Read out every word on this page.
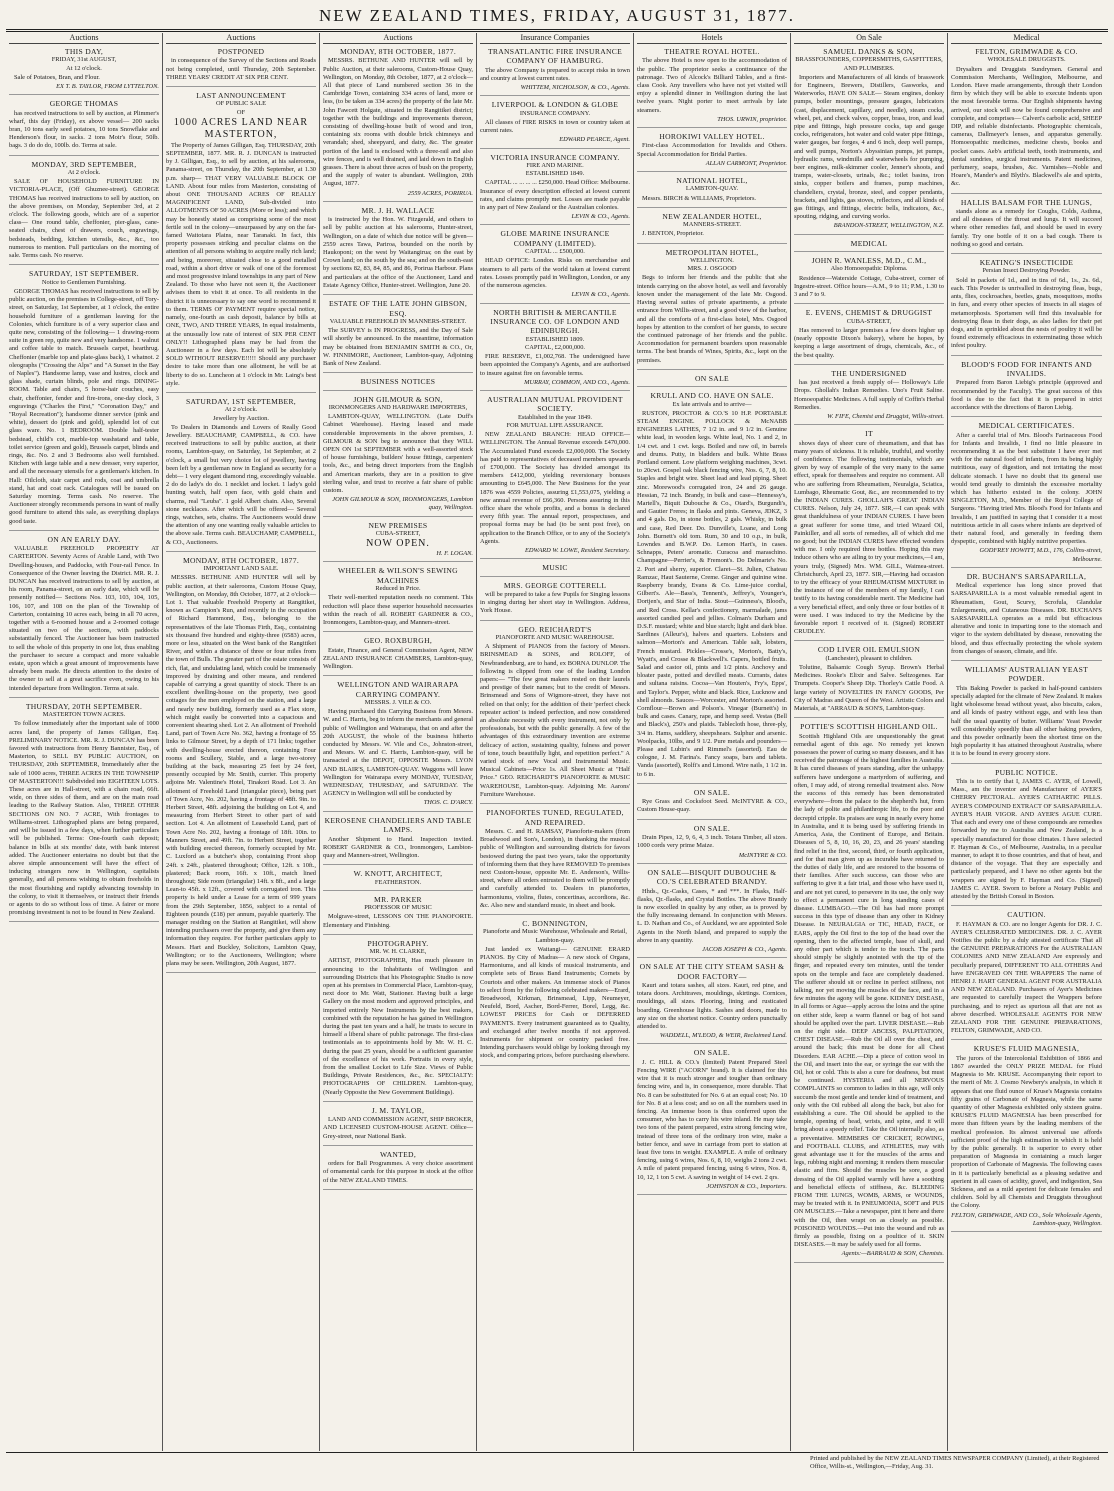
NEW ZEALAND TIMES, FRIDAY, AUGUST 31, 1877.
Auctions
THIS DAY,
FRIDAY, 31st AUGUST,
At 12 o'clock.

Sale of Potatoes, Bran, and Flour.

EX T. B. TAYLOR, FROM LYTTELTON.
GEORGE THOMAS

has received instructions to sell by auction, at Plimmer's wharf, this day (Friday), ex above vessel— 200 sacks bran, 10 tons early seed potatoes, 10 tons Snowflake and Henderson's flour, in sacks. 2 tons Moir's flour, 50lb. bags. 3 do do do, 100lb. do. Terms at sale.

MONDAY, 3RD SEPTEMBER,
At 2 o'clock.

SALE OF HOUSEHOLD FURNITURE IN VICTORIA-PLACE, (Off Ghuznee-street). GEORGE THOMAS has received instructions to sell by auction, on the above premises, on Monday, September 3rd, at 2 o'clock. The following goods, which are of a superior class— One round table, cheffonier, pier-glass, cane-seated chairs, chest of drawers, couch, engravings, bedsteads, bedding, kitchen utensils, &c., &c., too numerous to mention. Full particulars on the morning of sale. Terms cash. No reserve.

SATURDAY, 1ST SEPTEMBER.
Notice to Gentlemen Furnishing.

GEORGE THOMAS has received instructions to sell by public auction, on the premises in College-street, off Tory-street, on Saturday, 1st September, at 1 o'clock, the entire household furniture of a gentleman leaving for the Colonies, which furniture is of a very superior class and quite new, consisting of the following— 1 drawing-room suite in green rep, quite new and very handsome. 1 walnut and coffee table to match. Brussels carpet, hearthrug. Cheffonier (marble top and plate-glass back), 1 whatnot. 2 oleographs ("Crossing the Alps" and "A Sunset in the Bay of Naples"). Handsome lamp, vase and lustres, clock and glass shade, curtain blinds, pole and rings. DINING-ROOM. Table and chairs, 5 horse-hair couches, easy chair, cheffonier, fender and fire-irons, one-day clock, 3 engravings ("Charles the First," "Coronation Day," and "Royal Recreation"); handsome dinner service (pink and white), dessert do (pink and gold), splendid lot of cut glass ware. No. 1 BEDROOM. Double half-tester bedstead, child's cot, marble-top washstand and table, toilet service (green and gold), Brussels carpet, blinds and rings, &c. No. 2 and 3 Bedrooms also well furnished. Kitchen with large table and a new dresser, very superior, and all the necessary utensils for a gentleman's kitchen. In Hall: Oilcloth, stair carpet and rods, coat and umbrella stand, hat and coat rack. Catalogues will be issued on Saturday morning. Terms cash. No reserve. The Auctioneer strongly recommends persons in want of really good furniture to attend this sale, as everything displays good taste.

ON AN EARLY DAY.

VALUABLE FREEHOLD PROPERTY AT CARTERTON. Seventy Acres of Arable Land, with Two Dwelling-houses, and Paddocks, with Four-rail Fence. In Consequence of the Owner leaving the District. MR. R. J. DUNCAN has received instructions to sell by auction, at his room, Panama-street, on an early date, which will be presently notified— Sections Nos. 103, 103, 104, 105, 106, 107, and 108 on the plan of the Township of Carterton, containing 10 acres each, being in all 70 acres, together with a 6-roomed house and a 2-roomed cottage situated on two of the sections, with paddocks substantially fenced. The Auctioneer has been instructed to sell the whole of this property in one lot, thus enabling the purchaser to secure a compact and more valuable estate, upon which a great amount of improvements have already been made. He directs attention to the desire of the owner to sell at a great sacrifice even, owing to his intended departure from Wellington. Terms at sale.

THURSDAY, 20TH SEPTEMBER.
MASTERTON TOWN ACRES.

To follow immediately after the important sale of 1000 acres land, the property of James Gilligan, Esq. PRELIMINARY NOTICE. MR. R. J. DUNCAN has been favored with instructions from Henry Bannister, Esq., of Masterton, to SELL BY PUBLIC AUCTION, on THURSDAY, 20th SEPTEMBER, Immediately after the sale of 1000 acres, THREE ACRES IN THE TOWNSHIP OF MASTERTON!!! Subdivided into EIGHTEEN LOTS. These acres are in Hall-street, with a chain road, 66ft. wide, on three sides of them, and are on the main road leading to the Railway Station. Also, THREE OTHER SECTIONS ON NO. 7 ACRE, With frontages to Williams-street. Lithographed plans are being prepared, and will be issued in a few days, when further particulars will be published. Terms: One-fourth cash deposit; balance in bills at six months' date, with bank interest added. The Auctioneer entertains no doubt but that the above simple announcement will have the effect of inducing strangers now in Wellington, capitalists generally, and all persons wishing to obtain freeholds in the most flourishing and rapidly advancing township in the colony, to visit it themselves, or instruct their friends or agents to do so without loss of time. A fairer or more promising investment is not to be found in New Zealand.

Auctions
POSTPONED

in consequence of the Survey of the Sections and Roads not being completed, until Thursday, 20th September. THREE YEARS' CREDIT AT SIX PER CENT.

LAST ANNOUNCEMENT
OF PUBLIC SALE
OF
1000 ACRES LAND NEAR MASTERTON,

The Property of James Gilligan, Esq. THURSDAY, 20th SEPTEMBER, 1877. MR. R. J. DUNCAN is instructed by J. Gilligan, Esq., to sell by auction, at his salerooms, Panama-street, on Thursday, the 20th September, at 1.30 p.m. sharp— THAT VERY VALUABLE BLOCK OF LAND. About four miles from Masterton, consisting of about ONE THOUSAND ACRES OF REALLY MAGNIFICENT LAND, Sub-divided into ALLOTMENTS OF 50 ACRES (More or less); and which may be honestly stated as comprising some of the most fertile soil in the colony—unsurpassed by any on the far-famed Waitotara Plains, near Taranaki. In fact, this property possesses striking and peculiar claims on the attention of all persons wishing to acquire really rich land; and being, moreover, situated close to a good metalled road, within a short drive or walk of one of the foremost and most progressive inland townships in any part of New Zealand. To those who have not seen it, the Auctioneer advises them to visit it at once. To all residents in the district it is unnecessary to say one word to recommend it to them. TERMS OF PAYMENT require special notice, namely, one-fourth as cash deposit, balance by bills at ONE, TWO, AND THREE YEARS, In equal instalments, at the unusually low rate of interest of SIX PER CENT ONLY!! Lithographed plans may be had from the Auctioneer in a few days. Each lot will be absolutely SOLD WITHOUT RESERVE!!!!! Should any purchaser desire to take more than one allotment, he will be at liberty to do so. Luncheon at 1 o'clock in Mr. Laing's best style.

SATURDAY, 1ST SEPTEMBER,
At 2 o'clock.
Jewellery by Auction.

To Dealers in Diamonds and Lovers of Really Good Jewellery. BEAUCHAMP, CAMPBELL, & CO. have received instructions to sell by public auction, at their rooms, Lambton-quay, on Saturday, 1st September, at 2 o'clock, a small but very choice lot of jewellery, having been left by a gentleman now in England as security for a debt— 1 very elegant diamond ring, exceedingly valuable. 2 do do lady's do do. 1 necklet and locket. 1 lady's gold hunting watch, half open face, with gold chain and charms, real "Leuba". 1 gold Albert chain. Also, Several stone necklaces. After which will be offered— Several rings, watches, sets, chains. The Auctioneers would draw the attention of any one wanting really valuable articles to the above sale. Terms cash. BEAUCHAMP, CAMPBELL, & CO., Auctioneers.

MONDAY, 8TH OCTOBER, 1877.
IMPORTANT LAND SALE.

MESSRS. BETHUNE AND HUNTER will sell by public auction, at their salerooms, Custom House Quay, Wellington, on Monday, 8th October, 1877, at 2 o'clock— Lot 1. That valuable Freehold Property at Rangitikei, known as Campion's Run, and recently in the occupation of Richard Hammond, Esq., belonging to the representatives of the late Thomas Firth, Esq., containing six thousand five hundred and eighty-three (6583) acres, more or less, situated on the West bank of the Rangitikei River, and within a distance of three or four miles from the town of Bulls. The greater part of the estate consists of rich, flat, and undulating land, which could be immensely improved by draining and other means, and rendered capable of carrying a great quantity of stock. There is an excellent dwelling-house on the property, two good cottages for the men employed on the station, and a large and nearly new building, formerly used as a Flax store, which might easily be converted into a capacious and convenient shearing shed. Lot 2. An allotment of Freehold Land, part of Town Acre No. 362, having a frontage of 55 links to Gilmour Street, by a depth of 171 links; together with dwelling-house erected thereon, containing Four rooms and Scullery, Stable, and a large two-storey building at the back, measuring 25 feet by 24 feet, presently occupied by Mr. Smith, currier. This property adjoins Mr. Valentine's Hotel, Tinakori Road. Lot 3. An allotment of Freehold Land (triangular piece), being part of Town Acre, No. 202, having a frontage of 48ft. 9in. to Herbert Street, 48ft. adjoining the building on Lot 4, and measuring from Herbert Street to other part of said section. Lot 4. An allotment of Leasehold Land, part of Town Acre No. 202, having a frontage of 18ft. 10in. to Manners Street, and 49ft. 7in. to Herbert Street, together with building erected thereon, formerly occupied by Mr. C. Luxford as a butcher's shop, containing Front shop 24ft. x 24ft., plastered throughout; Office, 12ft. x 10ft., plastered; Back room, 16ft. x 10ft., match lined throughout; Side room (triangular) 14ft. x 8ft., and a large Lean-to 45ft. x 12ft., covered with corrugated iron. This property is held under a Lease for a term of 999 years from the 29th September, 1856, subject to a rental of Eighteen pounds (£18) per annum, payable quarterly. The manager residing on the Station at Rangitikei, will show intending purchasers over the property, and give them any information they require. For further particulars apply to Messrs. Hart and Buckley, Solicitors, Lambton Quay, Wellington; or to the Auctioneers, Wellington; where plans may be seen. Wellington, 20th August, 1877.

Auctions
MONDAY, 8TH OCTOBER, 1877.

MESSRS. BETHUNE AND HUNTER will sell by Public Auction, at their salerooms, Custom-House Quay, Wellington, on Monday, 8th October, 1877, at 2 o'clock— All that piece of Land numbered section 36 in the Cambridge Town, containing 334 acres of land, more or less, (to be taken as 334 acres) the property of the late Mr. John Fawcett Holgate, situated in the Rangitikei district; together with the buildings and improvements thereon, consisting of dwelling-house built of wood and iron, containing six rooms with double brick chimneys and verandah; shed, sheepyard, and dairy, &c. The greater portion of the land is enclosed with a three-rail and also wire fences, and is well drained, and laid down in English grasses. There is about three acres of bush on the property, and the supply of water is abundant. Wellington, 20th August, 1877.

2559 ACRES, PORIRUA.
MR. J. H. WALLACE

is instructed by the Hon. W. Fitzgerald, and others to sell by public auction at his salerooms, Hunter-street, Wellington, on a date of which due notice will be given— 2559 acres Tawa, Pariroa, bounded on the north by Haukoponi; on the west by Waitangirua; on the east by Crown land; on the south by the sea; and on the south-east by sections 82, 83, 84, 85, and 86, Porirua Harbour. Plans and particulars at the office of the Auctioneer, Land and Estate Agency Office, Hunter-street. Wellington, June 20.

ESTATE OF THE LATE JOHN GIBSON, ESQ.
VALUABLE FREEHOLD IN MANNERS-STREET.

The SURVEY is IN PROGRESS, and the Day of Sale will shortly be announced. In the meantime, information may be obtained from BENJAMIN SMITH & CO., Or, W. FINNIMORE, Auctioneer, Lambton-quay, Adjoining Bank of New Zealand.

BUSINESS NOTICES
JOHN GILMOUR & SON,
IRONMONGERS AND HARDWARE IMPORTERS,

LAMBTON-QUAY, WELLINGTON. (Late Duff's Cabinet Warehouse). Having leased and made considerable improvements in the above premises, J. GILMOUR & SON beg to announce that they WILL OPEN ON 1st SEPTEMBER with a well-assorted stock of house furnishings, builders' house fittings, carpenters' tools, &c., and being direct importers from the English and American markets, they are in a position to give sterling value, and trust to receive a fair share of public custom.

JOHN GILMOUR & SON, IRONMONGERS, Lambton quay, Wellington.
NEW PREMISES
CUBA-STREET,
NOW OPEN.
H. F. LOGAN.
WHEELER & WILSON'S SEWING MACHINES
Reduced in Price.

Their well-merited reputation needs no comment. This reduction will place these superior household necessaries within the reach of all. ROBERT GARDNER & CO., Ironmongers, Lambton-quay, and Manners-street.

GEO. ROXBURGH,

Estate, Finance, and General Commission Agent, NEW ZEALAND INSURANCE CHAMBERS, Lambton-quay, Wellington.

WELLINGTON AND WAIRARAPA CARRYING COMPANY.
MESSRS. J. VILE & CO.

Having purchased this Carrying Business from Messrs. W. and C. Harris, beg to inform the merchants and general public of Wellington and Wairarapa, that on and after the 20th AUGUST, the whole of the business hitherto conducted by Messrs. W. Vile and Co., Johnston-street, and Messrs. W. and C. Harris, Lambton-quay, will be transacted at the DEPOT, OPPOSITE Messrs. LYON AND BLAIR'S, LAMBTON-QUAY. Waggons will leave Wellington for Wairarapa every MONDAY, TUESDAY, WEDNESDAY, THURSDAY, and SATURDAY. The AGENCY in Wellington will still be conducted by

THOS. C. D'ARCY.
KEROSENE CHANDELIERS AND TABLE LAMPS.

Another Shipment to Hand. Inspection invited. ROBERT GARDNER & CO., Ironmongers, Lambton-quay and Manners-street, Wellington.

W. KNOTT, ARCHITECT,
FEATHERSTON.
MR. PARKER
PROFESSOR OF MUSIC

Molgrave-street, LESSONS ON THE PIANOFORTE. Elementary and Finishing.

PHOTOGRAPHY.
MR. W. H. CLARKE,

ARTIST, PHOTOGRAPHER, Has much pleasure in announcing to the Inhabitants of Wellington and surrounding Districts that his Photographic Studio is now open at his premises in Commercial Place, Lambton-quay, next door to Mr. Watt, Stationer. Having built a large Gallery on the most modern and approved principles, and imported entirely New Instruments by the best makers, combined with the reputation he has gained in Wellington during the past ten years and a half, he trusts to secure in himself a liberal share of public patronage. The first-class testimonials as to appointments hold by Mr. W. H. C. during the past 25 years, should be a sufficient guarantee of the excellence of his work. Portraits in every style, from the smallest Locket to Life Size. Views of Public Buildings, Private Residences, &c., &c. SPECIALTY: PHOTOGRAPHS OF CHILDREN. Lambton-quay, (Nearly Opposite the New Government Buildings).

J. M. TAYLOR,

LAND AND COMMISSION AGENT, SHIP BROKER, AND LICENSED CUSTOM-HOUSE AGENT. Office—Grey-street, near National Bank.

WANTED,

orders for Ball Programmes. A very choice assortment of ornamental cards for this purpose in stock at the office of the NEW ZEALAND TIMES.

Insurance Companies
TRANSATLANTIC FIRE INSURANCE COMPANY OF HAMBURG.

The above Company is prepared to accept risks in town and country at lowest current rates.

WHITTEM, NICHOLSON, & CO., Agents.
LIVERPOOL & LONDON & GLOBE
INSURANCE COMPANY.

All classes of FIRE RISKS in town or country taken at current rates.

EDWARD PEARCE, Agent.
VICTORIA INSURANCE COMPANY.
FIRE AND MARINE.
ESTABLISHED 1849.

CAPITAL ... ... ... ... £250,000. Head Office: Melbourne. Insurance of every description effected at lowest current rates, and claims promptly met. Losses are made payable in any part of New Zealand or the Australian colonies.

LEVIN & CO., Agents.
GLOBE MARINE INSURANCE COMPANY (LIMITED).
CAPITAL ... £500,000.

HEAD OFFICE: London. Risks on merchandise and steamers to all parts of the world taken at lowest current rates. Losses promptly paid in Wellington, London, or any of the numerous agencies.

LEVIN & CO., Agents.
NORTH BRITISH & MERCANTILE INSURANCE CO. OF LONDON AND EDINBURGH.
ESTABLISHED 1809.
CAPITAL, £2,000,000.

FIRE RESERVE, £1,002,768. The undersigned have been appointed the Company's Agents, and are authorised to insure against fire on favorable terms.

MURRAY, COMMON, AND CO., Agents.
AUSTRALIAN MUTUAL PROVIDENT SOCIETY.
Established in the year 1849.
FOR MUTUAL LIFE ASSURANCE.

NEW ZEALAND BRANCH: HEAD OFFICE—WELLINGTON. The Annual Revenue exceeds £470,000. The Accumulated Fund exceeds £2,000,000. The Society has paid to representatives of deceased members upwards of £700,000. The Society has divided amongst its members £412,000, yielding reversionary bonuses amounting to £645,000. The New Business for the year 1876 was 4559 Policies, assuring £1,553,075, yielding a new annual revenue of £66,360. Persons assuring in this office share the whole profits, and a bonus is declared every fifth year. The annual report, prospectuses, and proposal forms may be had (to be sent post free), on application to the Branch Office, or to any of the Society's Agents.

EDWARD W. LOWE, Resident Secretary.
MUSIC
MRS. GEORGE COTTERELL

will be prepared to take a few Pupils for Singing lessons in singing during her short stay in Wellington. Address, York House.

GEO. REICHARDT'S
PIANOFORTE AND MUSIC WAREHOUSE.

A Shipment of PIANOS from the factory of Messrs. BRINSMEAD & SONS, and ROLOFF, of Newbrandenburg, are to hand, ex BORNA DUNLOP. The following is clipped from one of the leading London papers:— "The few great makers rested on their laurels and prestige of their names; but to the credit of Messrs. Brinsmead and Sons of Wigmore-street, they have not relied on that only; for the addition of their 'perfect check repeater action' is indeed perfection, and now considered an absolute necessity with every instrument, not only by professionals, but with the public generally. A few of the advantages of this extraordinary invention are extreme delicacy of action, sustaining quality, fulness and power of tone, touch beautifully light, and repetition perfect." A varied stock of new Vocal and Instrumental Music. Musical Cabinets—Price 1s. All Sheet Music at "Half Price." GEO. REICHARDT'S PIANOFORTE & MUSIC WAREHOUSE, Lambton-quay. Adjoining Mr. Aarons' Furniture Warehouse.

PIANOFORTES TUNED, REGULATED, AND REPAIRED.

Messrs. C. and H. RAMSAY, Pianoforte-makers (from Broadwood and Son's, London), in thanking the musical public of Wellington and surrounding districts for favors bestowed during the past two years, take the opportunity of informing them that they have REMOVED To premises next Custom-house, opposite Mr. E. Anderson's, Willis-street, where all orders entrusted to them will be promptly and carefully attended to. Dealers in pianofortes, harmoniums, violins, flutes, concertinas, accordions, &c. &c. Also new and standard music, in sheet and book.

C. BONNINGTON,
Pianoforte and Music Warehouse, Wholesale and Retail, Lambton-quay.

Just landed ex Waitangi— GENUINE ERARD PIANOS. By City of Madras— A new stock of Organs, Harmoniums, and all kinds of musical instruments, and complete sets of Brass Band Instruments; Cornets by Courtois and other makers. An immense stock of Pianos to select from by the following celebrated makers—Erard, Broadwood, Kirkman, Brinsmead, Lipp, Neumeyer, Neufeld, Bord, Ascher, Bord-Ferrer, Borel, Legg, &c. LOWEST PRICES for Cash or DEFERRED PAYMENTS. Every instrument guaranteed as to Quality, and exchanged after twelve months if not approved. Instruments for shipment or country packed free. Intending purchasers would oblige by looking through my stock, and comparing prices, before purchasing elsewhere.

Hotels
THEATRE ROYAL HOTEL.

The above Hotel is now open to the accommodation of the public. The proprietor seeks a continuance of the patronage. Two of Alcock's Billiard Tables, and a first-class Cook. Any travellers who have not yet visited will enjoy a splendid dinner in Wellington during the last twelve years. Night porter to meet arrivals by late steamers.

THOS. URWIN, proprietor.
HOROKIWI VALLEY HOTEL.

First-class Accommodation for Invalids and Others. Special Accommodation for Bridal Parties.

ALLAN CARMONT, Proprietor.
NATIONAL HOTEL,
LAMBTON-QUAY.

Messrs. BIRCH & WILLIAMS, Proprietors.

NEW ZEALANDER HOTEL,
MANNERS-STREET.

J. BENTON, Proprietor.

METROPOLITAN HOTEL,
WELLINGTON.
MRS. J. OSGOOD

Begs to inform her friends and the public that she intends carrying on the above hotel, as well and favorably known under the management of the late Mr. Osgood. Having several suites of private apartments, a private entrance from Willis-street, and a good view of the harbor, and all the comforts of a first-class hotel, Mrs. Osgood hopes by attention to the comfort of her guests, to secure the continued patronage of her friends and the public. Accommodation for permanent boarders upon reasonable terms. The best brands of Wines, Spirits, &c., kept on the premises.

ON SALE
KRULL AND CO. HAVE ON SALE.
Ex late arrivals and to arrive—

RUSTON, PROCTOR & CO.'S 10 H.P. PORTABLE STEAM ENGINE. POLLOCK & McNABB ENGINEERS LATHES, 7 1/2 in. and 9 1/2 in. Genuine white lead, in wooden kegs. White lead, No. 1 and 2, in 1/4 cwt. and 1 cwt. kegs. Boiled and raw oil, in barrels and drums. Putty, in bladders and bulk. White Brass Portland cement. Low platform weighing machines, 3cwt. to 20cwt. Gospel oak black fencing wire, Nos. 6, 7, 8, 10. Staples and bright wire. Sheet lead and lead piping. Sheet zinc. Morewood's corrugated iron, 24 and 26 gauge. Hessian, 72 inch. Brandy, in bulk and case—Hennessy's, Martell's, Biquit Dubouche & Co., Otard's, Burgundi's, and Gautier Freres; in flasks and pints. Geneva, JDKZ, 3 and 4 gals. Do, in stone bottles, 2 gals. Whisky, in bulk and case, Red Deer. Do. Dunville's, Loane, and Long John. Burnett's old tom. Rum, 30 and 10 o.p., in bulk, Lowndes and B.W.P. Do. Lemon Hart's, in cases. Schnapps, Peters' aromatic. Curacoa and maraschino. Champagne—Perrier's, & Fremont's. Do Delmarte's No. 2. Port and sherry, superior. Claret—St. Julien, Chateau Ramzac, Haut Sauterne, Creme. Ginger and quinine wine. Raspberry brandy, Evans & Co. Lime-juice cordial, Gilbert's. Ale—Bass's, Tennent's, Jeffrey's, Younger's, Dortjen's, and Star of India. Stout—Guinness's, Blood's, and Red Cross. Kellar's confectionery, marmalade, jams assorted candied peel and jellies. Colman's Durham and D.S.F. mustard; white and blue starch; light and dark blue. Sardines (Alleur's), halves and quarters. Lobsters and salmon—Morton's and American. Table salt, lobsters, French mustard. Pickles—Crosse's, Morton's, Batty's, Wyatt's, and Crosse & Blackwell's. Capers, bottled fruits. Salad and castor oil, pints and 1/2 pints. Anchovy and bloater paste, potted and devilled meats. Currants, dates and sultana raisins. Cocoa—Van Houten's, Fry's, Epps', and Taylor's. Pepper, white and black. Rice, Lucknow and shell almonds. Sauces—Worcester, and Morton's assorted. Cornflour—Brown and Polson's. Vinegar (Burnett's) in bulk and cases. Canary, rape, and hemp seed. Vestas (Bell and Black's), 250's and plaids. Tablecloth hose, three-ply, 3/4 in. Hams, saddlery, sheepshears. Sulphur and arsenic. Woolpacks, 10lbs, and 9 1/2. Pure metals and pounders—Please and Lubin's and Rimmel's (assorted). Eau de cologne, J. M. Farina's. Fancy soaps, bars and tablets. Vanda (assorted), Rolfi's and Limond. Wire nails, 1 1/2 in. to 6 in.

ON SALE.

Rye Grass and Cocksfoot Seed. McINTYRE & CO., Custom House-quay.

ON SALE.

Drain Pipes, 12, 9, 6, 4, 3 inch. Totara Timber, all sizes. 1000 cords very prime Maize.

McINTYRE & CO.
ON SALE—BISQUIT DUBOUCHE & CO.'S CELEBRATED BRANDY.

Hhds., Qr.-Casks, Cases, * and ***. In Flasks, Half-flasks, Qr.-flasks, and Crystal Bottles. The above Brandy is now excelled in quality by any other, as is proved by the fully increasing demand. In conjunction with Messrs. L. D. Nathan and Co., of Auckland, we are appointed Sole Agents in the North Island, and prepared to supply the above in any quantity.

JACOB JOSEPH & CO., Agents.
ON SALE AT THE CITY STEAM SASH & DOOR FACTORY—

Kauri and totara sashes, all sizes. Kauri, red pine, and totara doors. Architraves, mouldings, skirtings. Cornices, mouldings, all sizes. Flooring, lining and rusticated boarding. Greenhouse lights. Sashes and doors, made to any size on the shortest notice. Country orders punctually attended to.

WADDELL, M'LEOD, & WEIR, Reclaimed Land.
ON SALE.

J. C. HILL & CO.'s (limited) Patent Prepared Steel Fencing WIRE ("ACORN" brand). It is claimed for this wire that it is much stronger and tougher than ordinary fencing wire, and is, in consequence, more durable. That No. 8 can be substituted for No. 6 at an equal cost; No. 10 for No. 8 at a less cost; and so on all the numbers used in fencing. An immense boon is thus conferred upon the consumer, who has to carry his wire inland. He may take two tons of the patent prepared, extra strong fencing wire, instead of three tons of the ordinary iron wire, make a better fence, and save in carriage from port to station at least five tons in weight. EXAMPLE. A mile of ordinary fencing, using 6 wires, Nos. 6, 8, 10, weighs 2 tons 2 cwt. A mile of patent prepared fencing, using 6 wires, Nos. 8, 10, 12, 1 ton 5 cwt. A saving in weight of 14 cwt. 2 qrs.

JOHNSTON & CO., Importers.
On Sale
SAMUEL DANKS & SON,
BRASSFOUNDERS, COPPERSMITHS, GASFITTERS, AND PLUMBERS.

Importers and Manufacturers of all kinds of brasswork for Engineers, Brewers, Distillers, Gasworks, and Waterworks, HAVE ON SALE— Steam engines, donkey pumps, boiler mountings, pressure gauges, lubricators (cast, displacement, capillary, and needle), steam cocks, wheel, pet, and check valves, copper, brass, iron, and lead pipe and fittings, high pressure cocks, tap and gauge cocks, refrigerators, hot water and cold water pipe fittings, water gauges, bar forges, 4 and 6 inch, deep well pumps, and well pumps, Norton's Abyssinian pumps, jet pumps, hydraulic rams, windmills and waterwheels for pumping, beer engines, milk-skimmer cooler, Jenner's shoots, and tramps, water-closets, urinals, &c.; toilet basins, iron sinks, copper boilers and frames, pump machines, chandeliers, crystal, bronze, steel, and copper pendants, brackets, and lights, gas stoves, reflectors, and all kinds of gas fittings, and fittings, electric bells, indicators, &c., spouting, ridging, and curving works.

BRANDON-STREET, WELLINGTON, N.Z.
MEDICAL
JOHN R. WANLESS, M.D., C.M.,
Also Homoeopathic Diploma.

Residence—Waterside Cottage, Cuba-street, corner of Ingestre-street. Office hours—A.M., 9 to 11; P.M., 1.30 to 3 and 7 to 9.

E. EVENS, CHEMIST & DRUGGIST
CUBA-STREET,

Has removed to larger premises a few doors higher up (nearly opposite Dixon's bakery), where he hopes, by keeping a large assortment of drugs, chemicals, &c., of the best quality.

THE UNDERSIGNED

has just received a fresh supply of— Holloway's Life Drops. Ghollah's Indian Remedies. Uno's Fruit Saline. Homoeopathic Medicines. A full supply of Coffin's Herbal Remedies.

W. FIFE, Chemist and Druggist, Willis-street.
IT

shows days of sheer cure of rheumatism, and that has many years of sickness. It is reliable, truthful, and worthy of confidence. The following testimonials, which are given by way of example of the very many to the same effect, speak for themselves and require no comment. All who are suffering from Rheumatism, Neuralgia, Sciatica, Lumbago, Rheumatic Gout, &c., are recommended to try the INDIAN CURES. GHOLLAH'S GREAT INDIAN CURES. Nelson, July 24, 1877. SIR,—I can speak with great thankfulness of your INDIAN CURES. I have been a great sufferer for some time, and tried Wizard Oil, Painkiller, and all sorts of remedies, all of which did me no good; but the INDIAN CURES have effected wonders with me. I only required three bottles. Hoping this may induce others who are ailing to try your medicines,—I am, yours truly, (Signed) Mrs. WM. GILL, Waimea-street. Christchurch, April 23, 1877. SIR,—Having had occasion to try the efficacy of your RHEUMATISM MIXTURE in the instance of one of the members of my family, I can testify to its having considerable merit. The Medicine had a very beneficial effect, and only three or four bottles of it were used. I was induced to try the Medicine by the favorable report I received of it. (Signed) ROBERT CRUDLEY.

COD LIVER OIL EMULSION
(Lanchester), pleasant to children.

Tolutine, Balsamic Cough Syrup. Brown's Herbal Medicines. Rooke's Elixir and Salve. Seltzogenes. Ear Trumpets. Cooper's Sheep Dip. Thorley's Cattle Food. A large variety of NOVELTIES IN FANCY GOODS, Per City of Madras and Queen of the West. Artistic Colors and Materials, at "ARRAUD & SON'S, Lambton-quay.

POTTIE'S SCOTTISH HIGHLAND OIL.

Scottish Highland Oils are unquestionably the great remedial agent of this age. No remedy yet known possesses the power of curing so many diseases, and it has received the patronage of the highest families in Australia. It has cured diseases of years standing, after the unhappy sufferers have undergone a martyrdom of suffering, and often, I may add, of strong remedial treatment also. Now the success of this remedy has been demonstrated everywhere—from the palace to the shepherd's hut, from the lady of polite and philanthropic life, to the poor and decrepid cripple. Its praises are sung in nearly every home in Australia, and it is being used by suffering friends in America, Asia, the Continent of Europe, and Britain. Diseases of 5, 8, 10, 16, 20, 23, and 26 years' standing find relief in the first, second, third, or fourth application, and for that man given up as incurable have returned to the duties of daily life, and are restored to the bosoms of their families. After such success, can those who are suffering to give it a fair trial, and those who have used it, and are not yet cured, to persevere in its use, the only way to effect a permanent cure in long standing cases of disease. LUMBAGO.—The Oil has had more prompt success in this type of disease than any other in Kidney Disease. In NEURALGIA or TIC, HEAD, FACE, or EARS, apply the Oil first to the top of the head over the opening, then to the affected temple, base of skull, and any other part which is tender to the touch. The parts should simply be slightly anointed with the tip of the finger, and repeated every ten minutes, until the tender spots on the temple and face are completely deadened. The sufferer should sit or recline in perfect stillness, not talking, nor yet moving the muscles of the face, and in a few minutes the agony will be gone. KIDNEY DISEASE, in all forms or Ague—apply across the loins and the spine on either side, keep a warm flannel or bag of hot sand should be applied over the part. LIVER DISEASE.—Rub on the right side. DEEP ABCESS, PALPITATION, CHEST DISEASE.—Rub the Oil all over the chest, and around the back; this must be done for all Chest Disorders. EAR ACHE.—Dip a piece of cotton wool in the Oil, and insert into the ear, or syringe the ear with the Oil, hot or cold. This is also a cure for deafness, but must be continued. HYSTERIA and all NERVOUS COMPLAINTS so common to ladies in this age, will only succumb the most gentle and tender kind of treatment, and only with the Oil rubbed all along the back, but also for establishing a cure. The Oil should be applied to the temple, opening of head, wrists, and spine, and it will bring about a speedy relief. Take the Oil internally also, as a preventative. MEMBERS OF CRICKET, ROWING, and FOOTBALL CLUBS, and ATHLETES, may with great advantage use it for the muscles of the arms and legs, rubbing night and morning; it renders them muscular elastic and firm. Should the muscles be sore, a good dressing of the Oil applied warmly will have a soothing and beneficial effects of stiffness, &c. BLEEDING FROM THE LUNGS, WOMB, ARMS, or WOUNDS, may be treated with it. In PNEUMONIA, SOFT and PUS ON MUSCLES.—Take a newspaper, pint it here and there with the Oil, then wrapt on as closely as possible. POISONED WOUNDS.—Put into the wound and rub as firmly as possible, fixing on a poultice of it. SKIN DISEASES.—It may be safely used for all forms.

Agents:—BARRAUD & SON, Chemists.
Medical
FELTON, GRIMWADE & CO.
WHOLESALE DRUGGISTS.

Drysalters and Druggists Sundrymen. General and Commission Merchants, Wellington, Melbourne, and London. Have made arrangements, through their London firm by which they will be able to execute Indents upon the most favorable terms. Our English shipments having arrived, our stock will now be found comprehensive and complete, and comprises— Calvert's carbolic acid, SHEEP DIP, and reliable disinfectants. Photographic chemicals, cameras, Dallmeyer's lenses, and apparatus generally. Homoeopathic medicines, medicine chests, books and pocket cases. Aeb's artificial teeth, tooth instruments, and dental sundries, surgical instruments. Patent medicines, perfumery, soaps, brushes, &c. Varnishes—Noble and Hoare's, Mander's and Blyth's. Blackwell's ale and spirits, &c.

HALLIS BALSAM FOR THE LUNGS,

stands alone as a remedy for Coughs, Colds, Asthma, and all diseases of the throat and lungs. It will succeed where other remedies fail, and should be used in every family. Try one bottle of it on a bad cough. There is nothing so good and certain.

KEATING'S INSECTICIDE
Persian Insect Destroying Powder.

Sold in packets of 1d., and in tins of 6d., 1s., 2s. 6d., each. This Powder is unrivalled in destroying fleas, bugs, ants, flies, cockroaches, beetles, gnats, mosquitoes, moths in furs, and every other species of insects in all stages of metamorphosis. Sportsmen will find this invaluable for destroying fleas in their dogs, as also ladies for their pet dogs, and in sprinkled about the nests of poultry it will be found extremely efficacious in exterminating those which infest poultry.

BLOOD'S FOOD FOR INFANTS AND INVALIDS.

Prepared from Baron Liebig's principle (approved and recommended by the Faculty). The great success of this food is due to the fact that it is prepared in strict accordance with the directions of Baron Liebig.

MEDICAL CERTIFICATES.

After a careful trial of Mrs. Blood's Farinaceous Food for Infants and Invalids, I find no little pleasure in recommending it as the best substitute I have ever met with for the natural food of infants, from its being highly nutritious, easy of digestion, and not irritating the most delicate stomach. I have no doubt that its general use would tend greatly to diminish the excessive mortality which has hitherto existed in the colony. JOHN SINGLETON, M.D., Member of the Royal College of Surgeons. "Having tried Mrs. Blood's Food for Infants and Invalids, I am justified in saying that I consider it a most nutritious article in all cases where infants are deprived of their natural food, and generally in feeding them dyspeptic, combined with highly nutritive properties.

GODFREY HOWITT, M.D., 176, Collins-street, Melbourne.
DR. BUCHAN'S SARSAPARILLA,

Medical experience has long since proved that SARSAPARILLA is a most valuable remedial agent in Rheumatism, Gout, Scurvy, Scrofula, Glandular Enlargements, and Cutaneous Diseases. DR. BUCHAN'S SARSAPARILLA operates as a mild but efficacious alterative and tonic in imparting tone to the stomach and vigor to the system debilitated by disease, renovating the blood, and thus effectually protecting the whole system from changes of season, climate, and life.

WILLIAMS' AUSTRALIAN YEAST POWDER.

This Baking Powder is packed in half-pound canisters specially adapted for the climate of New Zealand. It makes light wholesome bread without yeast, also biscuits, cakes, and all kinds of pastry without eggs, and with less than half the usual quantity of butter. Williams' Yeast Powder will considerably speedily than all other baking powders, and this powder ordinarily been the shortest time on the high popularity it has attained throughout Australia, where it is to be found in every grocery store.

PUBLIC NOTICE.

This is to certify that I, JAMES C. AYER, of Lowell, Mass., am the inventor and Manufacturer of AYER'S CHERRY PECTORAL. AYER'S CATHARTIC PILLS. AYER'S COMPOUND EXTRACT OF SARSAPARILLA. AYER'S HAIR VIGOR. AND AYER'S AGUE CURE. That each and every one of these compounds are remedies forwarded by me to Australia and New Zealand, is a specially manufactured for those climates. I have selected F. Hayman & Co., of Melbourne, Australia, in a peculiar manner, to adapt it to those countries, and that of heat, and distance of the voyage. That they are especially and particularly prepared, and I have no other agents but the wrappers are signed by F. Hayman and Co. (Signed) JAMES C. AYER. Sworn to before a Notary Public and attested by the British Consul in Boston.

CAUTION.

F. HAYMAN & CO. are no longer Agents for DR. J. C. AYER'S CELEBRATED MEDICINES. DR. J. C. AYER Notifies the public by a duly attested certificate That all the GENUINE PREPARATIONS For the AUSTRALIAN COLONIES AND NEW ZEALAND Are expressly and peculiarly prepared, DIFFERENT TO ALL OTHERS And have ENGRAVED ON THE WRAPPERS The name of HENRI J. HART GENERAL AGENT FOR AUSTRALIA AND NEW ZEALAND. Purchasers of Ayer's Medicines are requested to carefully inspect the Wrappers before purchasing, and to reject as spurious all that are not as above described. WHOLESALE AGENTS FOR NEW ZEALAND FOR THE GENUINE PREPARATIONS, FELTON, GRIMWADE, AND CO.

KRUSE'S FLUID MAGNESIA,

The jurors of the Intercolonial Exhibition of 1866 and 1867 awarded the ONLY PRIZE MEDAL for Fluid Magnesia to Mr. KRUSE. Accompanying their report to the merit of Mr. J. Cosmo Newbery's analysis, in which it appears that one fluid ounce of Kruse's Magnesia contains fifty grains of Carbonate of Magnesia, while the same quantity of other Magnesia exhibited only sixteen grains. KRUSE'S FLUID MAGNESIA has been prescribed for more than fifteen years by the leading members of the medical profession. Its almost universal use affords sufficient proof of the high estimation in which it is held by the public generally. It is superior to every other preparation of Magnesia in containing a much larger proportion of Carbonate of Magnesia. The following cases in it is particularly beneficial as a pleasing sedative and aperient in all cases of acidity, gravel, and indigestion, Sea Sickness, and as a mild aperient for delicate females and children. Sold by all Chemists and Druggists throughout the Colony.

FELTON, GRIMWADE, AND CO., Sole Wholesale Agents, Lambton-quay, Wellington.
Printed and published by the NEW ZEALAND TIMES NEWSPAPER COMPANY (Limited), at their Registered Office, Willis-st., Wellington,—Friday, Aug. 31.
